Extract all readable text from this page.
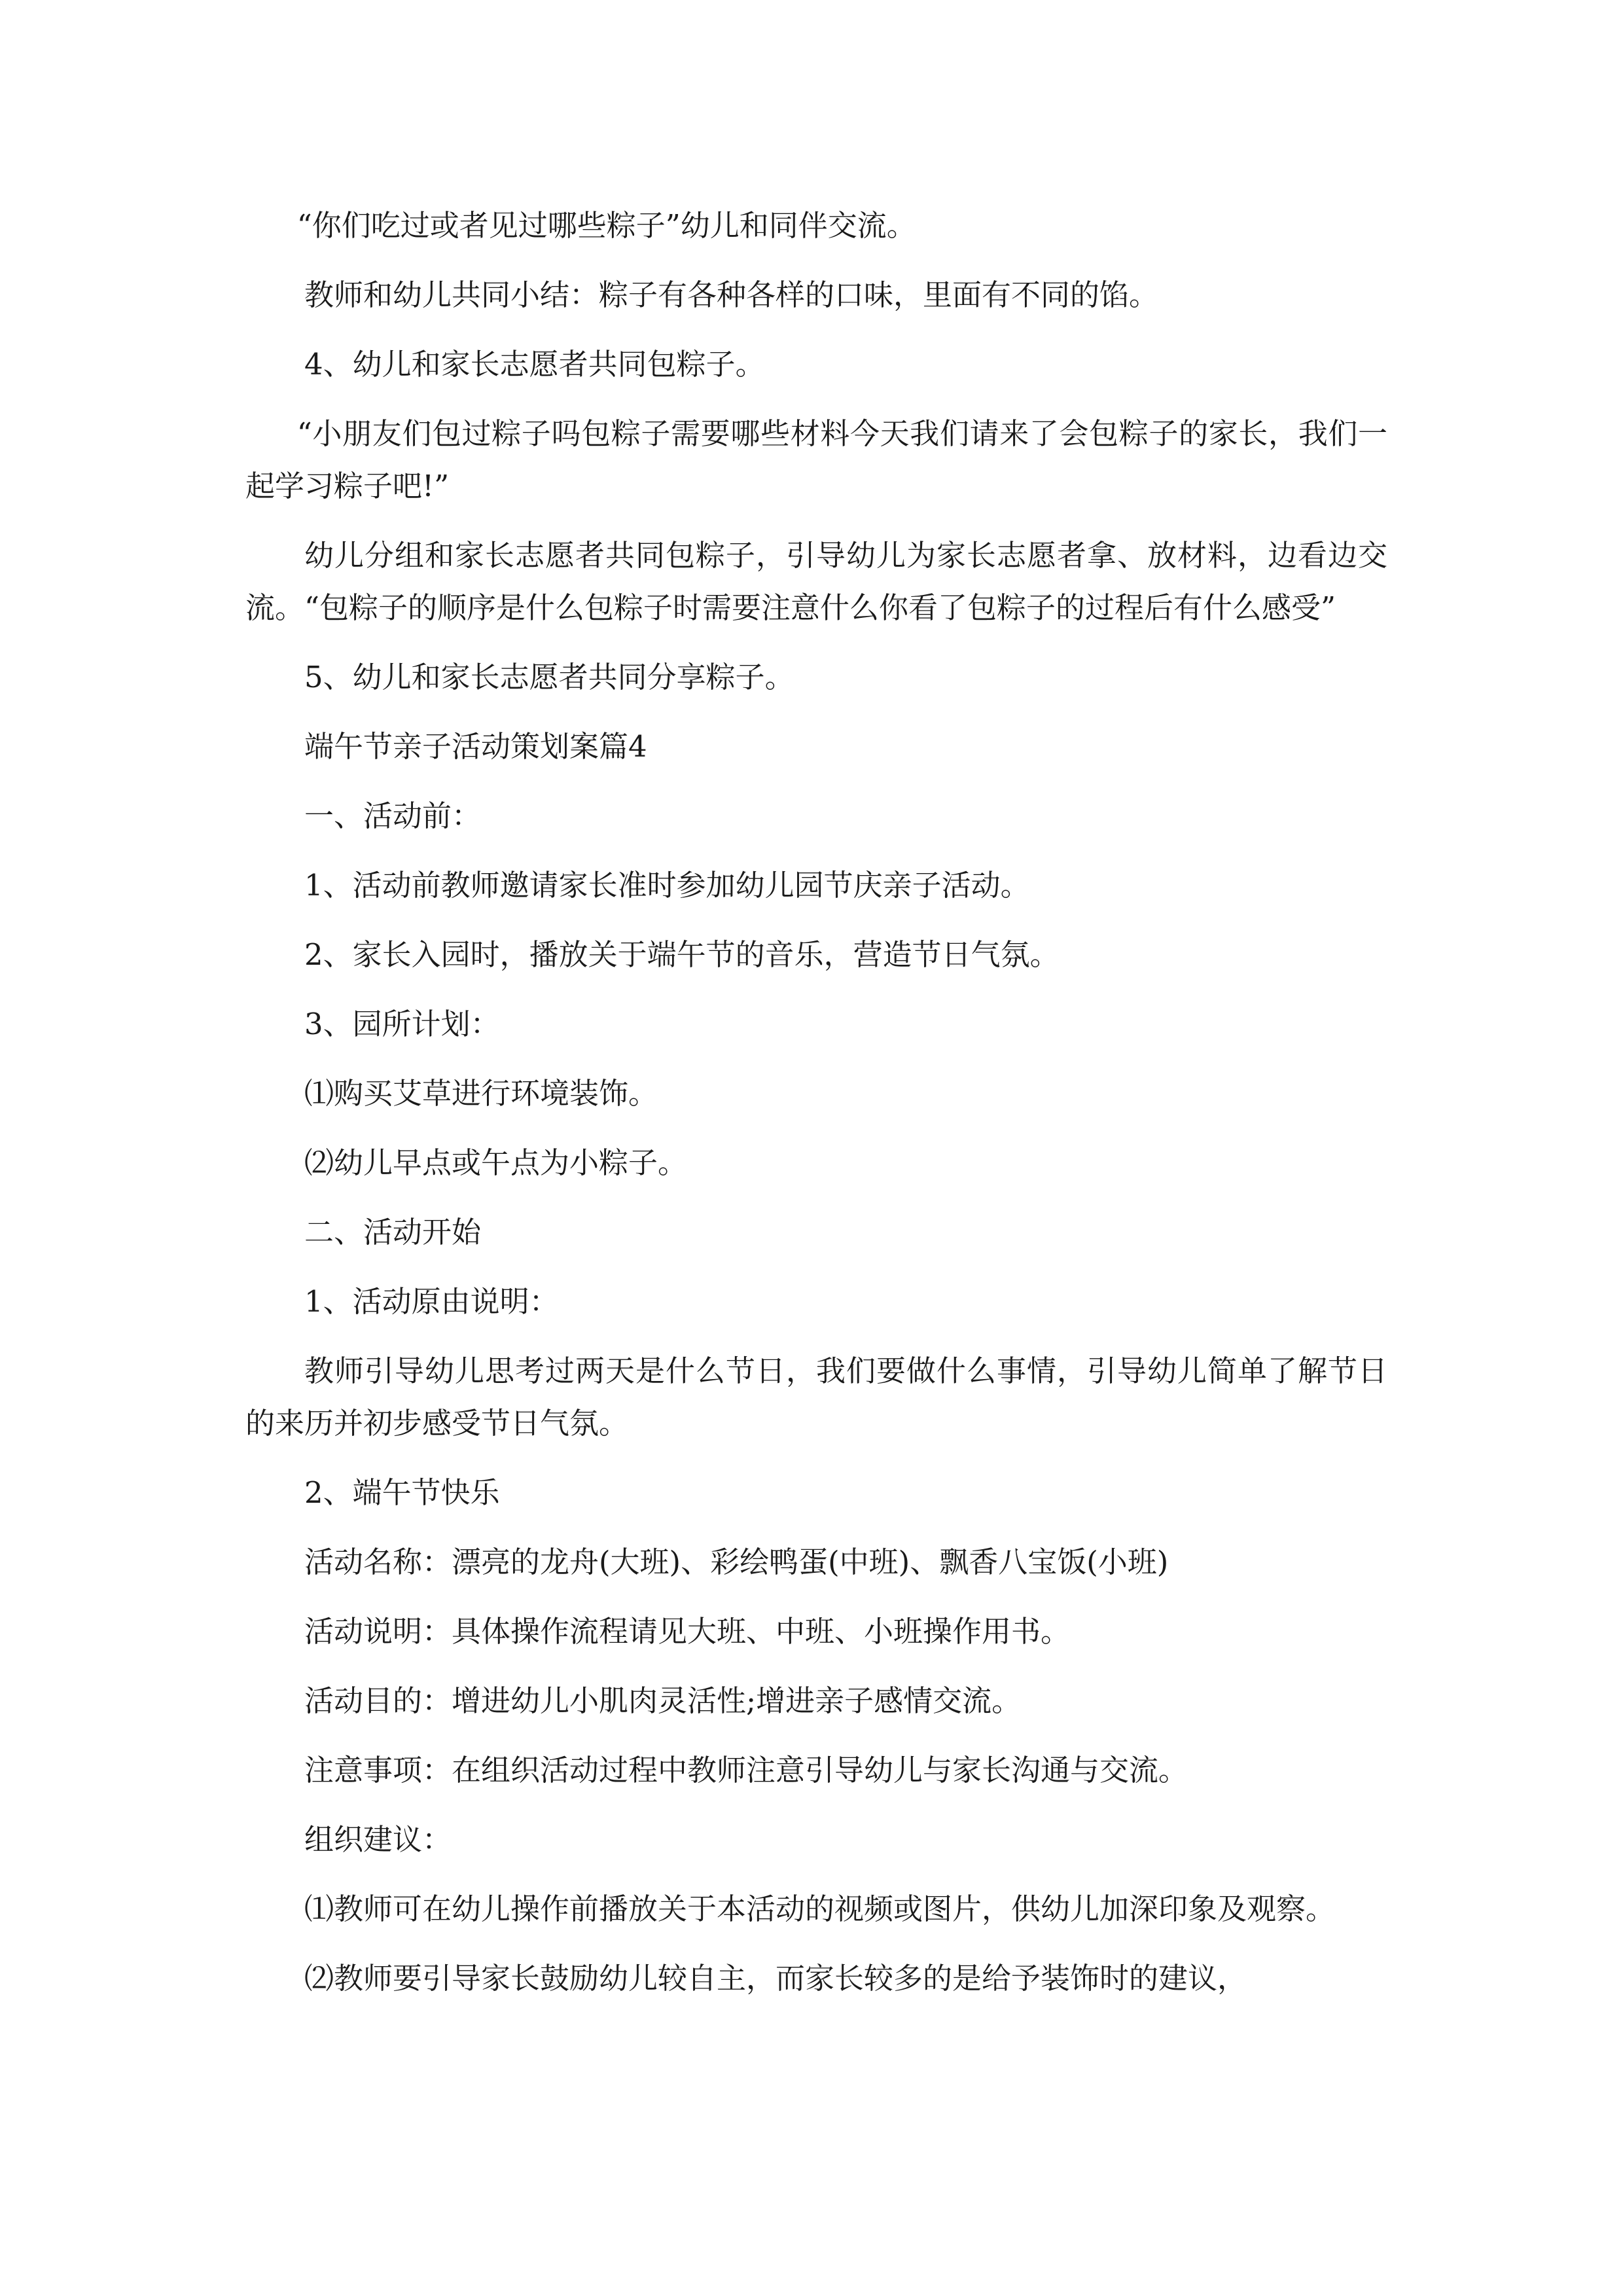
“你们吃过或者见过哪些粽子”幼儿和同伴交流。

教师和幼儿共同小结：粽子有各种各样的口味，里面有不同的馅。

4、幼儿和家长志愿者共同包粽子。

“小朋友们包过粽子吗包粽子需要哪些材料今天我们请来了会包粽子的家长，我们一起学习粽子吧!”

幼儿分组和家长志愿者共同包粽子，引导幼儿为家长志愿者拿、放材料，边看边交流。“包粽子的顺序是什么包粽子时需要注意什么你看了包粽子的过程后有什么感受”

5、幼儿和家长志愿者共同分享粽子。

端午节亲子活动策划案篇4

一、活动前：

1、活动前教师邀请家长准时参加幼儿园节庆亲子活动。

2、家长入园时，播放关于端午节的音乐，营造节日气氛。

3、园所计划：

⑴购买艾草进行环境装饰。

⑵幼儿早点或午点为小粽子。

二、活动开始

1、活动原由说明：

教师引导幼儿思考过两天是什么节日，我们要做什么事情，引导幼儿简单了解节日的来历并初步感受节日气氛。

2、端午节快乐

活动名称：漂亮的龙舟(大班)、彩绘鸭蛋(中班)、飘香八宝饭(小班)

活动说明：具体操作流程请见大班、中班、小班操作用书。

活动目的：增进幼儿小肌肉灵活性;增进亲子感情交流。

注意事项：在组织活动过程中教师注意引导幼儿与家长沟通与交流。

组织建议：

⑴教师可在幼儿操作前播放关于本活动的视频或图片，供幼儿加深印象及观察。

⑵教师要引导家长鼓励幼儿较自主，而家长较多的是给予装饰时的建议，
